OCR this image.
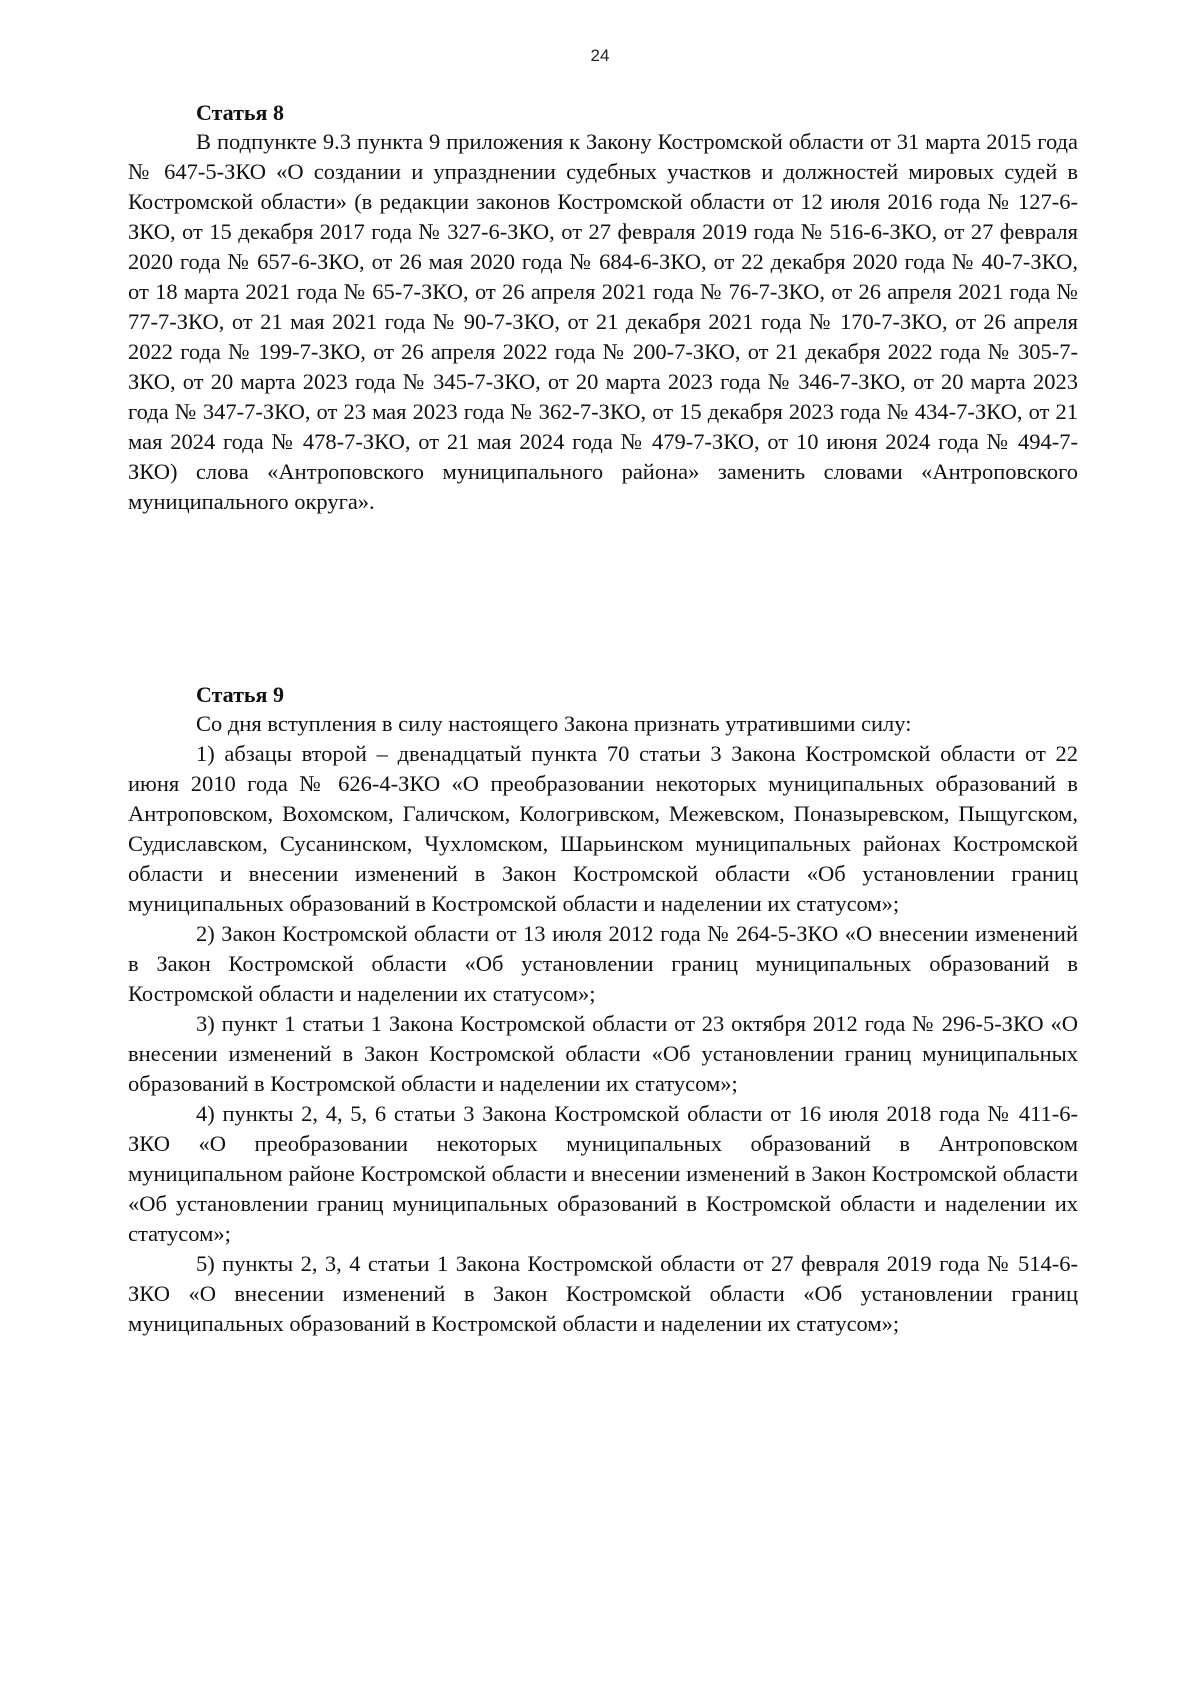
24
Статья 8

В подпункте 9.3 пункта 9 приложения к Закону Костромской области от 31 марта 2015 года № 647-5-ЗКО «О создании и упразднении судебных участков и должностей мировых судей в Костромской области» (в редакции законов Костромской области от 12 июля 2016 года № 127-6-ЗКО, от 15 декабря 2017 года № 327-6-ЗКО, от 27 февраля 2019 года № 516-6-ЗКО, от 27 февраля 2020 года № 657-6-ЗКО, от 26 мая 2020 года № 684-6-ЗКО, от 22 декабря 2020 года № 40-7-ЗКО, от 18 марта 2021 года № 65-7-ЗКО, от 26 апреля 2021 года № 76-7-ЗКО, от 26 апреля 2021 года № 77-7-ЗКО, от 21 мая 2021 года № 90-7-ЗКО, от 21 декабря 2021 года № 170-7-ЗКО, от 26 апреля 2022 года № 199-7-ЗКО, от 26 апреля 2022 года № 200-7-ЗКО, от 21 декабря 2022 года № 305-7-ЗКО, от 20 марта 2023 года № 345-7-ЗКО, от 20 марта 2023 года № 346-7-ЗКО, от 20 марта 2023 года № 347-7-ЗКО, от 23 мая 2023 года № 362-7-ЗКО, от 15 декабря 2023 года № 434-7-ЗКО, от 21 мая 2024 года № 478-7-ЗКО, от 21 мая 2024 года № 479-7-ЗКО, от 10 июня 2024 года № 494-7-ЗКО) слова «Антроповского муниципального района» заменить словами «Антроповского муниципального округа».

Статья 9

Со дня вступления в силу настоящего Закона признать утратившими силу:

1) абзацы второй – двенадцатый пункта 70 статьи 3 Закона Костромской области от 22 июня 2010 года № 626-4-ЗКО «О преобразовании некоторых муниципальных образований в Антроповском, Вохомском, Галичском, Кологривском, Межевском, Поназыревском, Пыщугском, Судиславском, Сусанинском, Чухломском, Шарьинском муниципальных районах Костромской области и внесении изменений в Закон Костромской области «Об установлении границ муниципальных образований в Костромской области и наделении их статусом»;

2) Закон Костромской области от 13 июля 2012 года № 264-5-ЗКО «О внесении изменений в Закон Костромской области «Об установлении границ муниципальных образований в Костромской области и наделении их статусом»;

3) пункт 1 статьи 1 Закона Костромской области от 23 октября 2012 года № 296-5-ЗКО «О внесении изменений в Закон Костромской области «Об установлении границ муниципальных образований в Костромской области и наделении их статусом»;

4) пункты 2, 4, 5, 6 статьи 3 Закона Костромской области от 16 июля 2018 года № 411-6-ЗКО «О преобразовании некоторых муниципальных образований в Антроповском муниципальном районе Костромской области и внесении изменений в Закон Костромской области «Об установлении границ муниципальных образований в Костромской области и наделении их статусом»;

5) пункты 2, 3, 4 статьи 1 Закона Костромской области от 27 февраля 2019 года № 514-6-ЗКО «О внесении изменений в Закон Костромской области «Об установлении границ муниципальных образований в Костромской области и наделении их статусом»;
